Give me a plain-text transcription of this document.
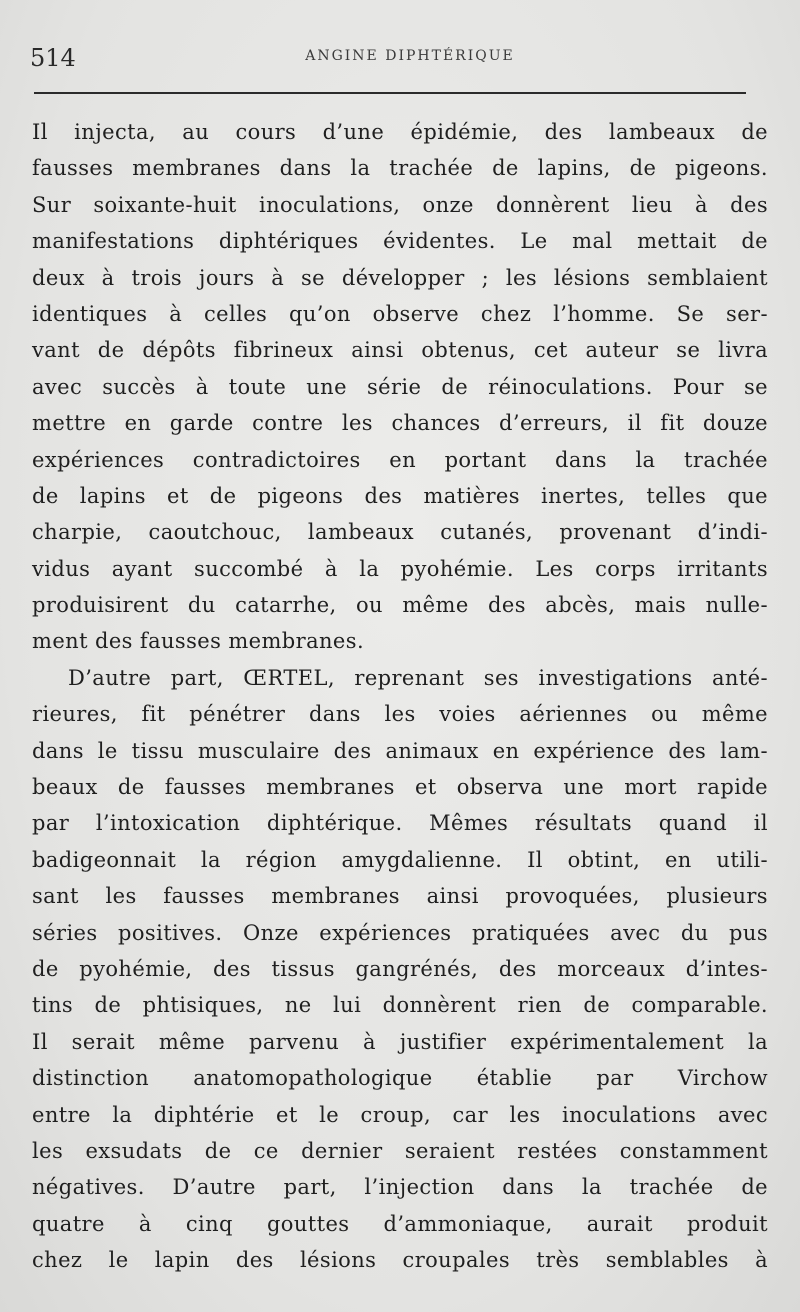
514	ANGINE DIPHTÉRIQUE
Il injecta, au cours d’une épidémie, des lambeaux de
fausses membranes dans la trachée de lapins, de pigeons.
Sur soixante-huit inoculations, onze donnèrent lieu à des
manifestations diphtériques évidentes. Le mal mettait de
deux à trois jours à se développer ; les lésions semblaient
identiques à celles qu’on observe chez l’homme. Se ser-
vant de dépôts fibrineux ainsi obtenus, cet auteur se livra
avec succès à toute une série de réinoculations. Pour se
mettre en garde contre les chances d’erreurs, il fit douze
expériences contradictoires en portant dans la trachée
de lapins et de pigeons des matières inertes, telles que
charpie, caoutchouc, lambeaux cutanés, provenant d’indi-
vidus ayant succombé à la pyohémie. Les corps irritants
produisirent du catarrhe, ou même des abcès, mais nulle-
ment des fausses membranes.
D’autre part, ŒRTEL, reprenant ses investigations anté-
rieures, fit pénétrer dans les voies aériennes ou même
dans le tissu musculaire des animaux en expérience des lam-
beaux de fausses membranes et observa une mort rapide
par l’intoxication diphtérique. Mêmes résultats quand il
badigeonnait la région amygdalienne. Il obtint, en utili-
sant les fausses membranes ainsi provoquées, plusieurs
séries positives. Onze expériences pratiquées avec du pus
de pyohémie, des tissus gangrénés, des morceaux d’intes-
tins de phtisiques, ne lui donnèrent rien de comparable.
Il serait même parvenu à justifier expérimentalement la
distinction anatomopathologique établie par Virchow
entre la diphtérie et le croup, car les inoculations avec
les exsudats de ce dernier seraient restées constamment
négatives. D’autre part, l’injection dans la trachée de
quatre à cinq gouttes d’ammoniaque, aurait produit
chez le lapin des lésions croupales très semblables à
